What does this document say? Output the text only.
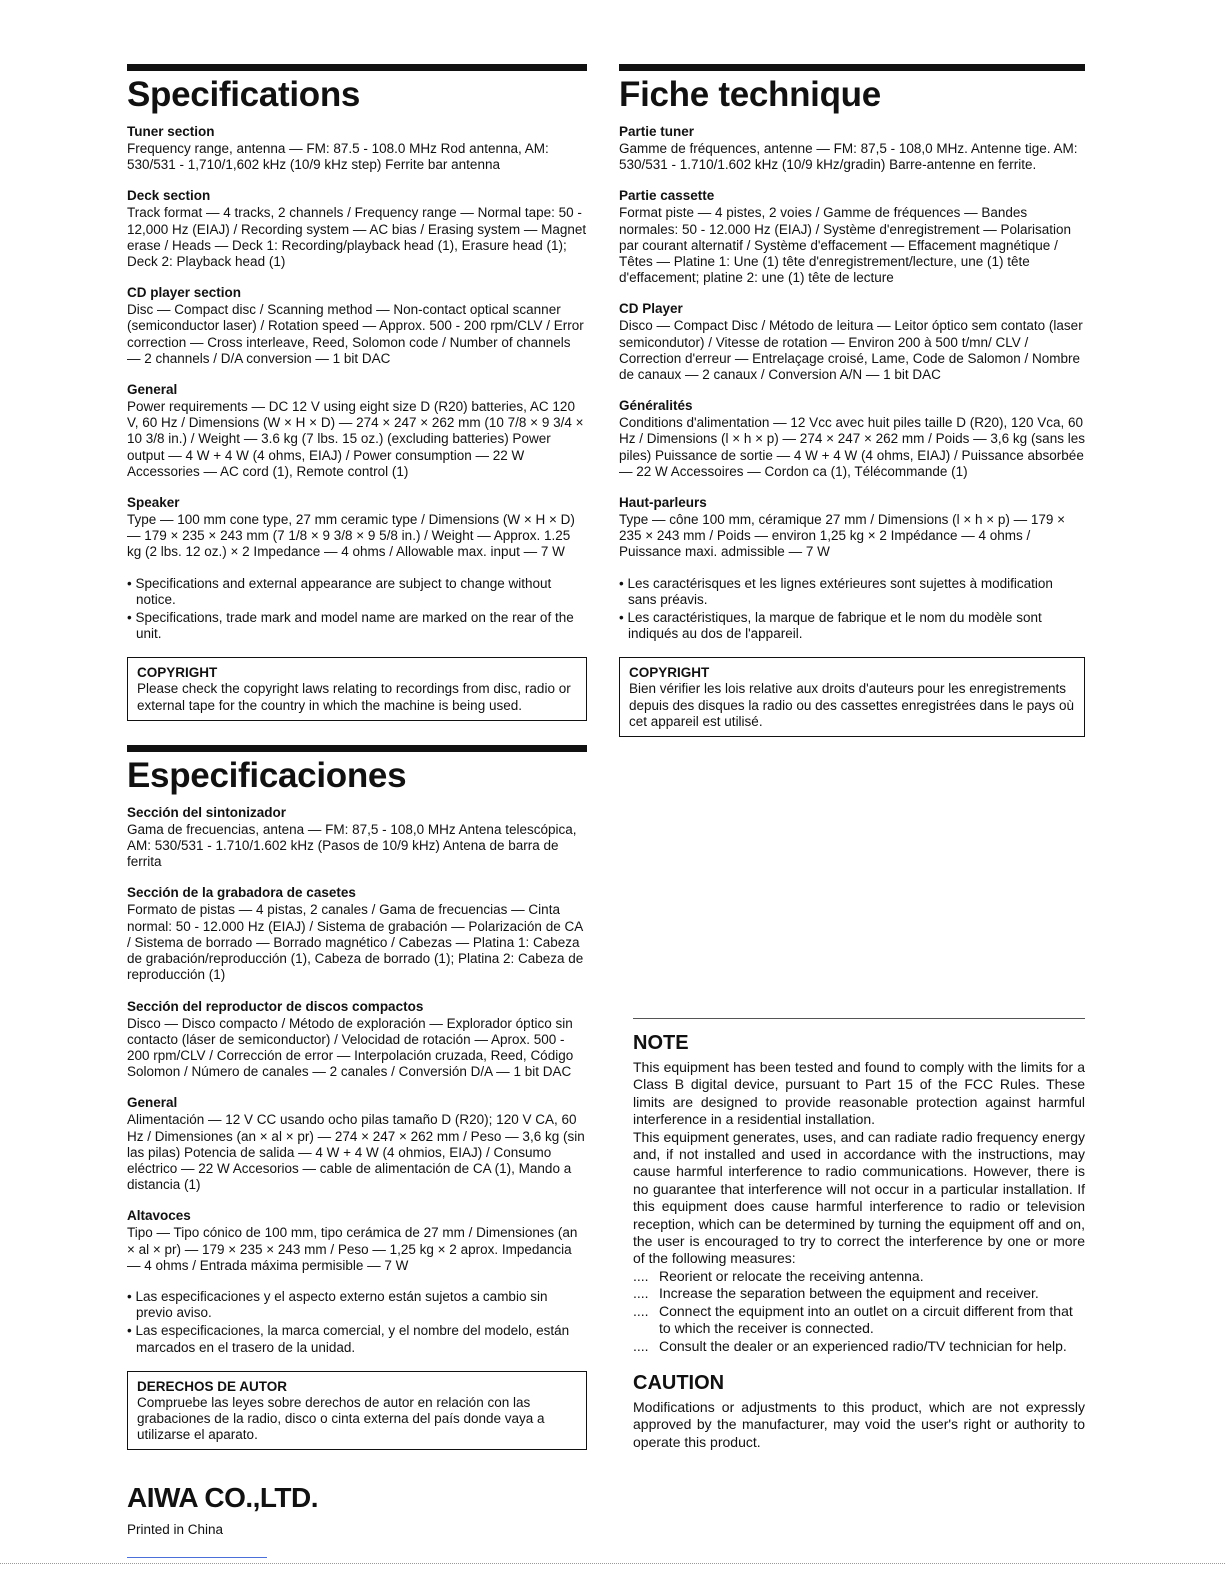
Specifications
Tuner section

Frequency range, antenna — FM: 87.5 - 108.0 MHz Rod antenna, AM: 530/531 - 1,710/1,602 kHz (10/9 kHz step) Ferrite bar antenna

Deck section

Track format — 4 tracks, 2 channels / Frequency range — Normal tape: 50 - 12,000 Hz (EIAJ) / Recording system — AC bias / Erasing system — Magnet erase / Heads — Deck 1: Recording/playback head (1), Erasure head (1); Deck 2: Playback head (1)

CD player section

Disc — Compact disc / Scanning method — Non-contact optical scanner (semiconductor laser) / Rotation speed — Approx. 500 - 200 rpm/CLV / Error correction — Cross interleave, Reed, Solomon code / Number of channels — 2 channels / D/A conversion — 1 bit DAC

General

Power requirements — DC 12 V using eight size D (R20) batteries, AC 120 V, 60 Hz / Dimensions (W × H × D) — 274 × 247 × 262 mm (10 7/8 × 9 3/4 × 10 3/8 in.) / Weight — 3.6 kg (7 lbs. 15 oz.) (excluding batteries) Power output — 4 W + 4 W (4 ohms, EIAJ) / Power consumption — 22 W Accessories — AC cord (1), Remote control (1)

Speaker

Type — 100 mm cone type, 27 mm ceramic type / Dimensions (W × H × D) — 179 × 235 × 243 mm (7 1/8 × 9 3/8 × 9 5/8 in.) / Weight — Approx. 1.25 kg (2 lbs. 12 oz.) × 2 Impedance — 4 ohms / Allowable max. input — 7 W

• Specifications and external appearance are subject to change without notice.
• Specifications, trade mark and model name are marked on the rear of the unit.
COPYRIGHT

Please check the copyright laws relating to recordings from disc, radio or external tape for the country in which the machine is being used.

Especificaciones
Sección del sintonizador

Gama de frecuencias, antena — FM: 87,5 - 108,0 MHz Antena telescópica, AM: 530/531 - 1.710/1.602 kHz (Pasos de 10/9 kHz) Antena de barra de ferrita

Sección de la grabadora de casetes

Formato de pistas — 4 pistas, 2 canales / Gama de frecuencias — Cinta normal: 50 - 12.000 Hz (EIAJ) / Sistema de grabación — Polarización de CA / Sistema de borrado — Borrado magnético / Cabezas — Platina 1: Cabeza de grabación/reproducción (1), Cabeza de borrado (1); Platina 2: Cabeza de reproducción (1)

Sección del reproductor de discos compactos

Disco — Disco compacto / Método de exploración — Explorador óptico sin contacto (láser de semiconductor) / Velocidad de rotación — Aprox. 500 - 200 rpm/CLV / Corrección de error — Interpolación cruzada, Reed, Código Solomon / Número de canales — 2 canales / Conversión D/A — 1 bit DAC

General

Alimentación — 12 V CC usando ocho pilas tamaño D (R20); 120 V CA, 60 Hz / Dimensiones (an × al × pr) — 274 × 247 × 262 mm / Peso — 3,6 kg (sin las pilas) Potencia de salida — 4 W + 4 W (4 ohmios, EIAJ) / Consumo eléctrico — 22 W Accesorios — cable de alimentación de CA (1), Mando a distancia (1)

Altavoces

Tipo — Tipo cónico de 100 mm, tipo cerámica de 27 mm / Dimensiones (an × al × pr) — 179 × 235 × 243 mm / Peso — 1,25 kg × 2 aprox. Impedancia — 4 ohms / Entrada máxima permisible — 7 W

• Las especificaciones y el aspecto externo están sujetos a cambio sin previo aviso.
• Las especificaciones, la marca comercial, y el nombre del modelo, están marcados en el trasero de la unidad.
DERECHOS DE AUTOR

Compruebe las leyes sobre derechos de autor en relación con las grabaciones de la radio, disco o cinta externa del país donde vaya a utilizarse el aparato.

AIWA CO.,LTD.
Printed in China
Fiche technique
Partie tuner

Gamme de fréquences, antenne — FM: 87,5 - 108,0 MHz. Antenne tige. AM: 530/531 - 1.710/1.602 kHz (10/9 kHz/gradin) Barre-antenne en ferrite.

Partie cassette

Format piste — 4 pistes, 2 voies / Gamme de fréquences — Bandes normales: 50 - 12.000 Hz (EIAJ) / Système d'enregistrement — Polarisation par courant alternatif / Système d'effacement — Effacement magnétique / Têtes — Platine 1: Une (1) tête d'enregistrement/lecture, une (1) tête d'effacement; platine 2: une (1) tête de lecture

CD Player

Disco — Compact Disc / Método de leitura — Leitor óptico sem contato (laser semicondutor) / Vitesse de rotation — Environ 200 à 500 t/mn/ CLV / Correction d'erreur — Entrelaçage croisé, Lame, Code de Salomon / Nombre de canaux — 2 canaux / Conversion A/N — 1 bit DAC

Généralités

Conditions d'alimentation — 12 Vcc avec huit piles taille D (R20), 120 Vca, 60 Hz / Dimensions (l × h × p) — 274 × 247 × 262 mm / Poids — 3,6 kg (sans les piles) Puissance de sortie — 4 W + 4 W (4 ohms, EIAJ) / Puissance absorbée — 22 W Accessoires — Cordon ca (1), Télécommande (1)

Haut-parleurs

Type — cône 100 mm, céramique 27 mm / Dimensions (l × h × p) — 179 × 235 × 243 mm / Poids — environ 1,25 kg × 2 Impédance — 4 ohms / Puissance maxi. admissible — 7 W

• Les caractérisques et les lignes extérieures sont sujettes à modification sans préavis.
• Les caractéristiques, la marque de fabrique et le nom du modèle sont indiqués au dos de l'appareil.
COPYRIGHT

Bien vérifier les lois relative aux droits d'auteurs pour les enregistrements depuis des disques la radio ou des cassettes enregistrées dans le pays où cet appareil est utilisé.

NOTE

This equipment has been tested and found to comply with the limits for a Class B digital device, pursuant to Part 15 of the FCC Rules. These limits are designed to provide reasonable protection against harmful interference in a residential installation.

This equipment generates, uses, and can radiate radio frequency energy and, if not installed and used in accordance with the instructions, may cause harmful interference to radio communications. However, there is no guarantee that interference will not occur in a particular installation. If this equipment does cause harmful interference to radio or television reception, which can be determined by turning the equipment off and on, the user is encouraged to try to correct the interference by one or more of the following measures:

.... Reorient or relocate the receiving antenna.
.... Increase the separation between the equipment and receiver.
.... Connect the equipment into an outlet on a circuit different from that to which the receiver is connected.
.... Consult the dealer or an experienced radio/TV technician for help.
CAUTION

Modifications or adjustments to this product, which are not expressly approved by the manufacturer, may void the user's right or authority to operate this product.
